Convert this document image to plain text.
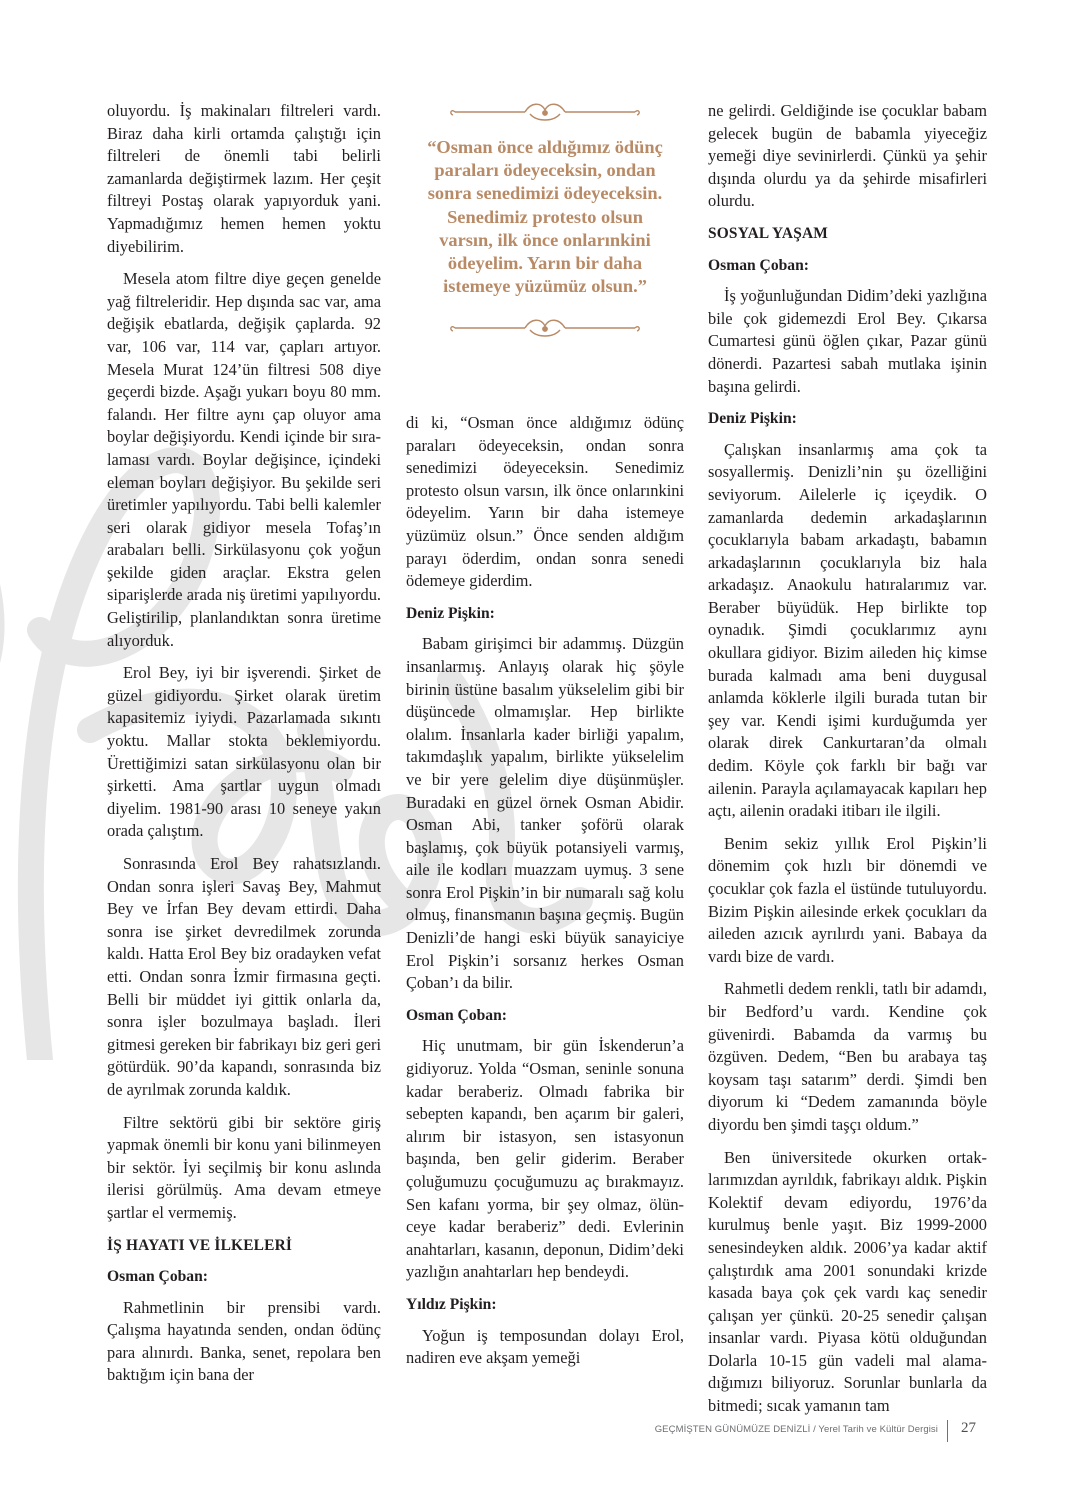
oluyordu. İş makinaları filtreleri vardı. Biraz daha kirli ortamda çalıştığı için filtreleri de önemli tabi belirli zamanlarda değiştirmek lazım. Her çeşit filtreyi Postaş olarak yapıyorduk yani. Yapmadığımız hemen hemen yoktu diyebilirim.

Mesela atom filtre diye geçen genelde yağ filtreleridir. Hep dışında sac var, ama değişik ebatlarda, değişik çaplarda. 92 var, 106 var, 114 var, çapları artıyor. Mesela Murat 124’ün filtresi 508 diye geçerdi bizde. Aşağı yukarı boyu 80 mm. falandı. Her filtre aynı çap oluyor ama boylar değişiyordu. Kendi içinde bir sıralaması vardı. Boylar değişince, içindeki eleman boyları değişiyor. Bu şekilde seri üretimler yapılıyordu. Tabi belli kalemler seri olarak gidiyor mesela Tofaş’ın arabaları belli. Sirkülasyonu çok yoğun şekilde giden araçlar. Ekstra gelen siparişlerde arada niş üretimi yapılıyordu. Geliştirilip, planlandıktan sonra üretime alıyorduk.

Erol Bey, iyi bir işverendi. Şirket de güzel gidiyordu. Şirket olarak üretim kapasitemiz iyiydi. Pazarlamada sıkıntı yoktu. Mallar stokta beklemiyordu. Ürettiğimizi satan sirkülasyonu olan bir şirketti. Ama şartlar uygun olmadı diyelim. 1981-90 arası 10 seneye yakın orada çalıştım.

Sonrasında Erol Bey rahatsızlandı. Ondan sonra işleri Savaş Bey, Mahmut Bey ve İrfan Bey devam ettirdi. Daha sonra ise şirket devredilmek zorunda kaldı. Hatta Erol Bey biz oradayken vefat etti. Ondan sonra İzmir firmasına geçti. Belli bir müddet iyi gittik onlarla da, sonra işler bozulmaya başladı. İleri gitmesi gereken bir fabrikayı biz geri geri götürdük. 90’da kapandı, sonrasında biz de ayrılmak zorunda kaldık.

Filtre sektörü gibi bir sektöre giriş yapmak önemli bir konu yani bilinmeyen bir sektör. İyi seçilmiş bir konu aslında ilerisi görülmüş. Ama devam etmeye şartlar el vermemiş.

İŞ HAYATI VE İLKELERİ
Osman Çoban:

Rahmetlinin bir prensibi vardı. Çalışma hayatında senden, ondan ödünç para alınırdı. Banka, senet, repolara ben baktığım için bana der

“Osman önce aldığımız ödünç paraları ödeyeceksin, ondan sonra senedimizi ödeyeceksin. Senedimiz protesto olsun varsın, ilk önce onlarınkini ödeyelim. Yarın bir daha istemeye yüzümüz olsun.”

di ki, “Osman önce aldığımız ödünç paraları ödeyeceksin, ondan sonra senedimizi ödeyeceksin. Senedimiz protesto olsun varsın, ilk önce onlarınkini ödeyelim. Yarın bir daha istemeye yüzümüz olsun.” Önce senden aldığım parayı öderdim, ondan sonra senedi ödemeye giderdim.

Deniz Pişkin:

Babam girişimci bir adammış. Düzgün insanlarmış. Anlayış olarak hiç şöyle birinin üstüne basalım yükselelim gibi bir düşüncede olmamışlar. Hep birlikte olalım. İnsanlarla kader birliği yapalım, takımdaşlık yapalım, birlikte yükselelim ve bir yere gelelim diye düşünmüşler. Buradaki en güzel örnek Osman Abidir. Osman Abi, tanker şoförü olarak başlamış, çok büyük potansiyeli varmış, aile ile kodları muazzam uymuş. 3 sene sonra Erol Pişkin’in bir numaralı sağ kolu olmuş, finansmanın başına geçmiş. Bugün Denizli’de hangi eski büyük sanayiciye Erol Pişkin’i sorsanız herkes Osman Çoban’ı da bilir.

Osman Çoban:

Hiç unutmam, bir gün İskenderun’a gidiyoruz. Yolda “Osman, seninle sonuna kadar beraberiz. Olmadı fabrika bir sebepten kapandı, ben açarım bir galeri, alırım bir istasyon, sen istasyonun başında, ben gelir giderim. Beraber çoluğumuzu çocuğumuzu aç bırakmayız. Sen kafanı yorma, bir şey olmaz, ölünceye kadar beraberiz” dedi. Evlerinin anahtarları, kasanın, deponun, Didim’deki yazlığın anahtarları hep bendeydi.

Yıldız Pişkin:

Yoğun iş temposundan dolayı Erol, nadiren eve akşam yemeği

ne gelirdi. Geldiğinde ise çocuklar babam gelecek bugün de babamla yiyeceğiz yemeği diye sevinirlerdi. Çünkü ya şehir dışında olurdu ya da şehirde misafirleri olurdu.

SOSYAL YAŞAM
Osman Çoban:

İş yoğunluğundan Didim’deki yazlığına bile çok gidemezdi Erol Bey. Çıkarsa Cumartesi günü öğlen çıkar, Pazar günü dönerdi. Pazartesi sabah mutlaka işinin başına gelirdi.

Deniz Pişkin:

Çalışkan insanlarmış ama çok ta sosyallermiş. Denizli’nin şu özelliğini seviyorum. Ailelerle iç içeydik. O zamanlarda dedemin arkadaşlarının çocuklarıyla babam arkadaştı, babamın arkadaşlarının çocuklarıyla biz hala arkadaşız. Anaokulu hatıralarımız var. Beraber büyüdük. Hep birlikte top oynadık. Şimdi çocuklarımız aynı okullara gidiyor. Bizim aileden hiç kimse burada kalmadı ama beni duygusal anlamda köklerle ilgili burada tutan bir şey var. Kendi işimi kurduğumda yer olarak direk Cankurtaran’da olmalı dedim. Köyle çok farklı bir bağı var ailenin. Parayla açılamayacak kapıları hep açtı, ailenin oradaki itibarı ile ilgili.

Benim sekiz yıllık Erol Pişkin’li dönemim çok hızlı bir dönemdi ve çocuklar çok fazla el üstünde tutuluyordu. Bizim Pişkin ailesinde erkek çocukları da aileden azıcık ayrılırdı yani. Babaya da vardı bize de vardı.

Rahmetli dedem renkli, tatlı bir adamdı, bir Bedford’u vardı. Kendine çok güvenirdi. Babamda da varmış bu özgüven. Dedem, “Ben bu arabaya taş koysam taşı satarım” derdi. Şimdi ben diyorum ki “Dedem zamanında böyle diyordu ben şimdi taşçı oldum.”

Ben üniversitede okurken ortaklarımızdan ayrıldık, fabrikayı aldık. Pişkin Kolektif devam ediyordu, 1976’da kurulmuş benle yaşıt. Biz 1999-2000 senesindeyken aldık. 2006’ya kadar aktif çalıştırdık ama 2001 sonundaki krizde kasada baya çok çek vardı kaç senedir çalışan yer çünkü. 20-25 senedir çalışan insanlar vardı. Piyasa kötü olduğundan Dolarla 10-15 gün vadeli mal alamadığımızı biliyoruz. Sorunlar bunlarla da bitmedi; sıcak yamanın tam

GEÇMİŞTEN GÜNÜMÜZE DENİZLİ / Yerel Tarih ve Kültür Dergisi 27
